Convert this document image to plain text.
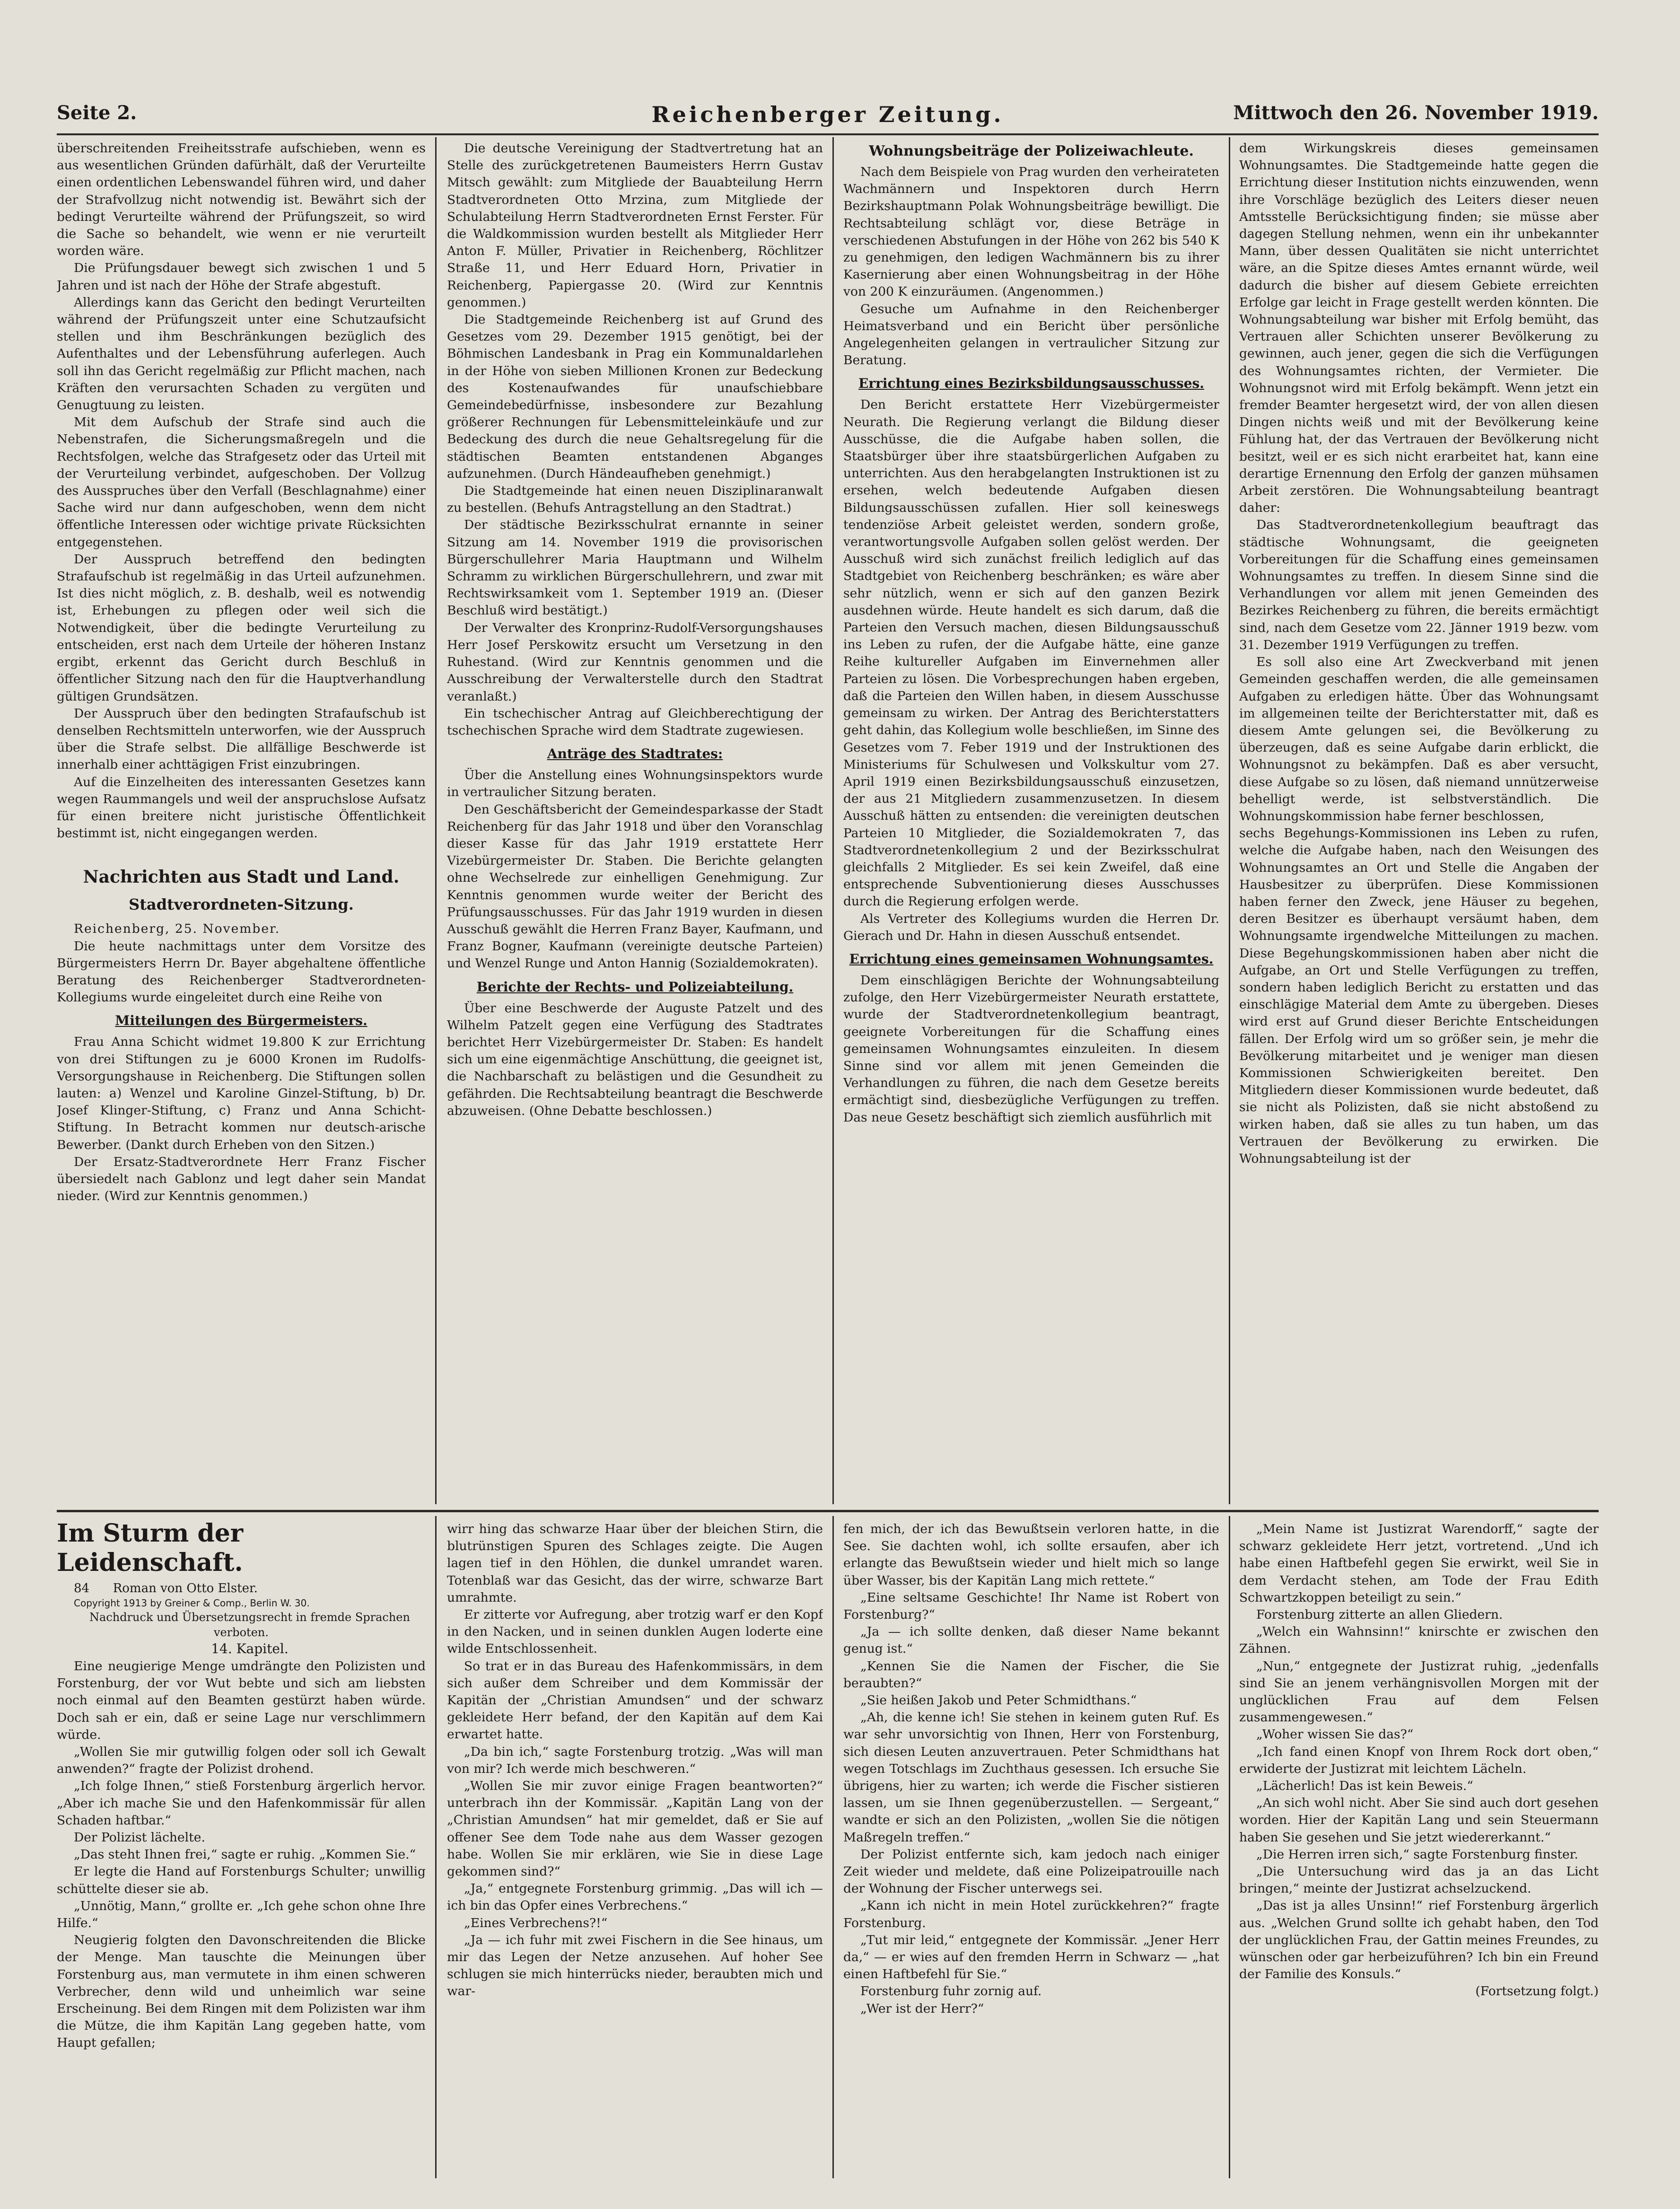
Seite 2.	Reichenberger Zeitung.	Mittwoch den 26. November 1919.

überschreitenden Freiheitsstrafe aufschieben, wenn es aus wesentlichen Gründen dafürhält, daß der Verurteilte einen ordentlichen Lebenswandel führen wird, und daher der Strafvollzug nicht notwendig ist. Bewährt sich der bedingt Verurteilte während der Prüfungszeit, so wird die Sache so behandelt, wie wenn er nie verurteilt worden wäre.

Die Prüfungsdauer bewegt sich zwischen 1 und 5 Jahren und ist nach der Höhe der Strafe abgestuft.

Allerdings kann das Gericht den bedingt Verurteilten während der Prüfungszeit unter eine Schutzaufsicht stellen und ihm Beschränkungen bezüglich des Aufenthaltes und der Lebensführung auferlegen. Auch soll ihn das Gericht regelmäßig zur Pflicht machen, nach Kräften den verursachten Schaden zu vergüten und Genugtuung zu leisten.

Mit dem Aufschub der Strafe sind auch die Nebenstrafen, die Sicherungsmaßregeln und die Rechtsfolgen, welche das Strafgesetz oder das Urteil mit der Verurteilung verbindet, aufgeschoben. Der Vollzug des Ausspruches über den Verfall (Beschlagnahme) einer Sache wird nur dann aufgeschoben, wenn dem nicht öffentliche Interessen oder wichtige private Rücksichten entgegenstehen.

Der Ausspruch betreffend den bedingten Strafaufschub ist regelmäßig in das Urteil aufzunehmen. Ist dies nicht möglich, z. B. deshalb, weil es notwendig ist, Erhebungen zu pflegen oder weil sich die Notwendigkeit, über die bedingte Verurteilung zu entscheiden, erst nach dem Urteile der höheren Instanz ergibt, erkennt das Gericht durch Beschluß in öffentlicher Sitzung nach den für die Hauptverhandlung gültigen Grundsätzen.

Der Ausspruch über den bedingten Strafaufschub ist denselben Rechtsmitteln unterworfen, wie der Ausspruch über die Strafe selbst. Die allfällige Beschwerde ist innerhalb einer achttägigen Frist einzubringen.

Auf die Einzelheiten des interessanten Gesetzes kann wegen Raummangels und weil der anspruchslose Aufsatz für einen breitere nicht juristische Öffentlichkeit bestimmt ist, nicht eingegangen werden.

Nachrichten aus Stadt und Land.
Stadtverordneten-Sitzung.

Reichenberg, 25. November.

Die heute nachmittags unter dem Vorsitze des Bürgermeisters Herrn Dr. Bayer abgehaltene öffentliche Beratung des Reichenberger Stadtverordneten-Kollegiums wurde eingeleitet durch eine Reihe von

Mitteilungen des Bürgermeisters.

Frau Anna Schicht widmet 19.800 K zur Errichtung von drei Stiftungen zu je 6000 Kronen im Rudolfs-Versorgungshause in Reichenberg. Die Stiftungen sollen lauten: a) Wenzel und Karoline Ginzel-Stiftung, b) Dr. Josef Klinger-Stiftung, c) Franz und Anna Schicht-Stiftung. In Betracht kommen nur deutsch-arische Bewerber. (Dankt durch Erheben von den Sitzen.)

Der Ersatz-Stadtverordnete Herr Franz Fischer übersiedelt nach Gablonz und legt daher sein Mandat nieder. (Wird zur Kenntnis genommen.)

Die deutsche Vereinigung der Stadtvertretung hat an Stelle des zurückgetretenen Baumeisters Herrn Gustav Mitsch gewählt: zum Mitgliede der Bauabteilung Herrn Stadtverordneten Otto Mrzina, zum Mitgliede der Schulabteilung Herrn Stadtverordneten Ernst Ferster. Für die Waldkommission wurden bestellt als Mitglieder Herr Anton F. Müller, Privatier in Reichenberg, Röchlitzer Straße 11, und Herr Eduard Horn, Privatier in Reichenberg, Papiergasse 20. (Wird zur Kenntnis genommen.)

Die Stadtgemeinde Reichenberg ist auf Grund des Gesetzes vom 29. Dezember 1915 genötigt, bei der Böhmischen Landesbank in Prag ein Kommunaldarlehen in der Höhe von sieben Millionen Kronen zur Bedeckung des Kostenaufwandes für unaufschiebbare Gemeindebedürfnisse, insbesondere zur Bezahlung größerer Rechnungen für Lebensmitteleinkäufe und zur Bedeckung des durch die neue Gehaltsregelung für die städtischen Beamten entstandenen Abganges aufzunehmen. (Durch Händeaufheben genehmigt.)

Die Stadtgemeinde hat einen neuen Disziplinaranwalt zu bestellen. (Behufs Antragstellung an den Stadtrat.)

Der städtische Bezirksschulrat ernannte in seiner Sitzung am 14. November 1919 die provisorischen Bürgerschullehrer Maria Hauptmann und Wilhelm Schramm zu wirklichen Bürgerschullehrern, und zwar mit Rechtswirksamkeit vom 1. September 1919 an. (Dieser Beschluß wird bestätigt.)

Der Verwalter des Kronprinz-Rudolf-Versorgungshauses Herr Josef Perskowitz ersucht um Versetzung in den Ruhestand. (Wird zur Kenntnis genommen und die Ausschreibung der Verwalterstelle durch den Stadtrat veranlaßt.)

Ein tschechischer Antrag auf Gleichberechtigung der tschechischen Sprache wird dem Stadtrate zugewiesen.

Anträge des Stadtrates:

Über die Anstellung eines Wohnungsinspektors wurde in vertraulicher Sitzung beraten.

Den Geschäftsbericht der Gemeindesparkasse der Stadt Reichenberg für das Jahr 1918 und über den Voranschlag dieser Kasse für das Jahr 1919 erstattete Herr Vizebürgermeister Dr. Staben. Die Berichte gelangten ohne Wechselrede zur einhelligen Genehmigung. Zur Kenntnis genommen wurde weiter der Bericht des Prüfungsausschusses. Für das Jahr 1919 wurden in diesen Ausschuß gewählt die Herren Franz Bayer, Kaufmann, und Franz Bogner, Kaufmann (vereinigte deutsche Parteien) und Wenzel Runge und Anton Hannig (Sozialdemokraten).

Berichte der Rechts- und Polizeiabteilung.

Über eine Beschwerde der Auguste Patzelt und des Wilhelm Patzelt gegen eine Verfügung des Stadtrates berichtet Herr Vizebürgermeister Dr. Staben: Es handelt sich um eine eigenmächtige Anschüttung, die geeignet ist, die Nachbarschaft zu belästigen und die Gesundheit zu gefährden. Die Rechtsabteilung beantragt die Beschwerde abzuweisen. (Ohne Debatte beschlossen.)

Wohnungsbeiträge der Polizeiwachleute.

Nach dem Beispiele von Prag wurden den verheirateten Wachmännern und Inspektoren durch Herrn Bezirkshauptmann Polak Wohnungsbeiträge bewilligt. Die Rechtsabteilung schlägt vor, diese Beträge in verschiedenen Abstufungen in der Höhe von 262 bis 540 K zu genehmigen, den ledigen Wachmännern bis zu ihrer Kasernierung aber einen Wohnungsbeitrag in der Höhe von 200 K einzuräumen. (Angenommen.)

Gesuche um Aufnahme in den Reichenberger Heimatsverband und ein Bericht über persönliche Angelegenheiten gelangen in vertraulicher Sitzung zur Beratung.

Errichtung eines Bezirksbildungsausschusses.

Den Bericht erstattete Herr Vizebürgermeister Neurath. Die Regierung verlangt die Bildung dieser Ausschüsse, die die Aufgabe haben sollen, die Staatsbürger über ihre staatsbürgerlichen Aufgaben zu unterrichten. Aus den herabgelangten Instruktionen ist zu ersehen, welch bedeutende Aufgaben diesen Bildungsausschüssen zufallen. Hier soll keineswegs tendenziöse Arbeit geleistet werden, sondern große, verantwortungsvolle Aufgaben sollen gelöst werden. Der Ausschuß wird sich zunächst freilich lediglich auf das Stadtgebiet von Reichenberg beschränken; es wäre aber sehr nützlich, wenn er sich auf den ganzen Bezirk ausdehnen würde. Heute handelt es sich darum, daß die Parteien den Versuch machen, diesen Bildungsausschuß ins Leben zu rufen, der die Aufgabe hätte, eine ganze Reihe kultureller Aufgaben im Einvernehmen aller Parteien zu lösen. Die Vorbesprechungen haben ergeben, daß die Parteien den Willen haben, in diesem Ausschusse gemeinsam zu wirken. Der Antrag des Berichterstatters geht dahin, das Kollegium wolle beschließen, im Sinne des Gesetzes vom 7. Feber 1919 und der Instruktionen des Ministeriums für Schulwesen und Volkskultur vom 27. April 1919 einen Bezirksbildungsausschuß einzusetzen, der aus 21 Mitgliedern zusammenzusetzen. In diesem Ausschuß hätten zu entsenden: die vereinigten deutschen Parteien 10 Mitglieder, die Sozialdemokraten 7, das Stadtverordnetenkollegium 2 und der Bezirksschulrat gleichfalls 2 Mitglieder. Es sei kein Zweifel, daß eine entsprechende Subventionierung dieses Ausschusses durch die Regierung erfolgen werde.

Als Vertreter des Kollegiums wurden die Herren Dr. Gierach und Dr. Hahn in diesen Ausschuß entsendet.

Errichtung eines gemeinsamen Wohnungsamtes.

Dem einschlägigen Berichte der Wohnungsabteilung zufolge, den Herr Vizebürgermeister Neurath erstattete, wurde der Stadtverordnetenkollegium beantragt, geeignete Vorbereitungen für die Schaffung eines gemeinsamen Wohnungsamtes einzuleiten. In diesem Sinne sind vor allem mit jenen Gemeinden die Verhandlungen zu führen, die nach dem Gesetze bereits ermächtigt sind, diesbezügliche Verfügungen zu treffen. Das neue Gesetz beschäftigt sich ziemlich ausführlich mit

dem Wirkungskreis dieses gemeinsamen Wohnungsamtes. Die Stadtgemeinde hatte gegen die Errichtung dieser Institution nichts einzuwenden, wenn ihre Vorschläge bezüglich des Leiters dieser neuen Amtsstelle Berücksichtigung finden; sie müsse aber dagegen Stellung nehmen, wenn ein ihr unbekannter Mann, über dessen Qualitäten sie nicht unterrichtet wäre, an die Spitze dieses Amtes ernannt würde, weil dadurch die bisher auf diesem Gebiete erreichten Erfolge gar leicht in Frage gestellt werden könnten. Die Wohnungsabteilung war bisher mit Erfolg bemüht, das Vertrauen aller Schichten unserer Bevölkerung zu gewinnen, auch jener, gegen die sich die Verfügungen des Wohnungsamtes richten, der Vermieter. Die Wohnungsnot wird mit Erfolg bekämpft. Wenn jetzt ein fremder Beamter hergesetzt wird, der von allen diesen Dingen nichts weiß und mit der Bevölkerung keine Fühlung hat, der das Vertrauen der Bevölkerung nicht besitzt, weil er es sich nicht erarbeitet hat, kann eine derartige Ernennung den Erfolg der ganzen mühsamen Arbeit zerstören. Die Wohnungsabteilung beantragt daher:

Das Stadtverordnetenkollegium beauftragt das städtische Wohnungsamt, die geeigneten Vorbereitungen für die Schaffung eines gemeinsamen Wohnungsamtes zu treffen. In diesem Sinne sind die Verhandlungen vor allem mit jenen Gemeinden des Bezirkes Reichenberg zu führen, die bereits ermächtigt sind, nach dem Gesetze vom 22. Jänner 1919 bezw. vom 31. Dezember 1919 Verfügungen zu treffen.

Es soll also eine Art Zweckverband mit jenen Gemeinden geschaffen werden, die alle gemeinsamen Aufgaben zu erledigen hätte. Über das Wohnungsamt im allgemeinen teilte der Berichterstatter mit, daß es diesem Amte gelungen sei, die Bevölkerung zu überzeugen, daß es seine Aufgabe darin erblickt, die Wohnungsnot zu bekämpfen. Daß es aber versucht, diese Aufgabe so zu lösen, daß niemand unnützerweise behelligt werde, ist selbstverständlich. Die Wohnungskommission habe ferner beschlossen,

sechs Begehungs-Kommissionen ins Leben zu rufen, welche die Aufgabe haben, nach den Weisungen des Wohnungsamtes an Ort und Stelle die Angaben der Hausbesitzer zu überprüfen. Diese Kommissionen haben ferner den Zweck, jene Häuser zu begehen, deren Besitzer es überhaupt versäumt haben, dem Wohnungsamte irgendwelche Mitteilungen zu machen. Diese Begehungskommissionen haben aber nicht die Aufgabe, an Ort und Stelle Verfügungen zu treffen, sondern haben lediglich Bericht zu erstatten und das einschlägige Material dem Amte zu übergeben. Dieses wird erst auf Grund dieser Berichte Entscheidungen fällen. Der Erfolg wird um so größer sein, je mehr die Bevölkerung mitarbeitet und je weniger man diesen Kommissionen Schwierigkeiten bereitet. Den Mitgliedern dieser Kommissionen wurde bedeutet, daß sie nicht als Polizisten, daß sie nicht abstoßend zu wirken haben, daß sie alles zu tun haben, um das Vertrauen der Bevölkerung zu erwirken. Die Wohnungsabteilung ist der

Im Sturm der Leidenschaft.

84 Roman von Otto Elster.

Copyright 1913 by Greiner & Comp., Berlin W. 30.

Nachdruck und Übersetzungsrecht in fremde Sprachen verboten.

14. Kapitel.

Eine neugierige Menge umdrängte den Polizisten und Forstenburg, der vor Wut bebte und sich am liebsten noch einmal auf den Beamten gestürzt haben würde. Doch sah er ein, daß er seine Lage nur verschlimmern würde.

„Wollen Sie mir gutwillig folgen oder soll ich Gewalt anwenden?“ fragte der Polizist drohend.

„Ich folge Ihnen,“ stieß Forstenburg ärgerlich hervor. „Aber ich mache Sie und den Hafenkommissär für allen Schaden haftbar.“

Der Polizist lächelte.

„Das steht Ihnen frei,“ sagte er ruhig. „Kommen Sie.“

Er legte die Hand auf Forstenburgs Schulter; unwillig schüttelte dieser sie ab.

„Unnötig, Mann,“ grollte er. „Ich gehe schon ohne Ihre Hilfe.“

Neugierig folgten den Davonschreitenden die Blicke der Menge. Man tauschte die Meinungen über Forstenburg aus, man vermutete in ihm einen schweren Verbrecher, denn wild und unheimlich war seine Erscheinung. Bei dem Ringen mit dem Polizisten war ihm die Mütze, die ihm Kapitän Lang gegeben hatte, vom Haupt gefallen;

wirr hing das schwarze Haar über der bleichen Stirn, die blutrünstigen Spuren des Schlages zeigte. Die Augen lagen tief in den Höhlen, die dunkel umrandet waren. Totenblaß war das Gesicht, das der wirre, schwarze Bart umrahmte.

Er zitterte vor Aufregung, aber trotzig warf er den Kopf in den Nacken, und in seinen dunklen Augen loderte eine wilde Entschlossenheit.

So trat er in das Bureau des Hafenkommissärs, in dem sich außer dem Schreiber und dem Kommissär der Kapitän der „Christian Amundsen“ und der schwarz gekleidete Herr befand, der den Kapitän auf dem Kai erwartet hatte.

„Da bin ich,“ sagte Forstenburg trotzig. „Was will man von mir? Ich werde mich beschweren.“

„Wollen Sie mir zuvor einige Fragen beantworten?“ unterbrach ihn der Kommissär. „Kapitän Lang von der „Christian Amundsen“ hat mir gemeldet, daß er Sie auf offener See dem Tode nahe aus dem Wasser gezogen habe. Wollen Sie mir erklären, wie Sie in diese Lage gekommen sind?“

„Ja,“ entgegnete Forstenburg grimmig. „Das will ich — ich bin das Opfer eines Verbrechens.“

„Eines Verbrechens?!“

„Ja — ich fuhr mit zwei Fischern in die See hinaus, um mir das Legen der Netze anzusehen. Auf hoher See schlugen sie mich hinterrücks nieder, beraubten mich und war-

fen mich, der ich das Bewußtsein verloren hatte, in die See. Sie dachten wohl, ich sollte ersaufen, aber ich erlangte das Bewußtsein wieder und hielt mich so lange über Wasser, bis der Kapitän Lang mich rettete.“

„Eine seltsame Geschichte! Ihr Name ist Robert von Forstenburg?“

„Ja — ich sollte denken, daß dieser Name bekannt genug ist.“

„Kennen Sie die Namen der Fischer, die Sie beraubten?“

„Sie heißen Jakob und Peter Schmidthans.“

„Ah, die kenne ich! Sie stehen in keinem guten Ruf. Es war sehr unvorsichtig von Ihnen, Herr von Forstenburg, sich diesen Leuten anzuvertrauen. Peter Schmidthans hat wegen Totschlags im Zuchthaus gesessen. Ich ersuche Sie übrigens, hier zu warten; ich werde die Fischer sistieren lassen, um sie Ihnen gegenüberzustellen. — Sergeant,“ wandte er sich an den Polizisten, „wollen Sie die nötigen Maßregeln treffen.“

Der Polizist entfernte sich, kam jedoch nach einiger Zeit wieder und meldete, daß eine Polizeipatrouille nach der Wohnung der Fischer unterwegs sei.

„Kann ich nicht in mein Hotel zurückkehren?“ fragte Forstenburg.

„Tut mir leid,“ entgegnete der Kommissär. „Jener Herr da,“ — er wies auf den fremden Herrn in Schwarz — „hat einen Haftbefehl für Sie.“

Forstenburg fuhr zornig auf.

„Wer ist der Herr?“

„Mein Name ist Justizrat Warendorff,“ sagte der schwarz gekleidete Herr jetzt, vortretend. „Und ich habe einen Haftbefehl gegen Sie erwirkt, weil Sie in dem Verdacht stehen, am Tode der Frau Edith Schwartzkoppen beteiligt zu sein.“

Forstenburg zitterte an allen Gliedern.

„Welch ein Wahnsinn!“ knirschte er zwischen den Zähnen.

„Nun,“ entgegnete der Justizrat ruhig, „jedenfalls sind Sie an jenem verhängnisvollen Morgen mit der unglücklichen Frau auf dem Felsen zusammengewesen.“

„Woher wissen Sie das?“

„Ich fand einen Knopf von Ihrem Rock dort oben,“ erwiderte der Justizrat mit leichtem Lächeln.

„Lächerlich! Das ist kein Beweis.“

„An sich wohl nicht. Aber Sie sind auch dort gesehen worden. Hier der Kapitän Lang und sein Steuermann haben Sie gesehen und Sie jetzt wiedererkannt.“

„Die Herren irren sich,“ sagte Forstenburg finster.

„Die Untersuchung wird das ja an das Licht bringen,“ meinte der Justizrat achselzuckend.

„Das ist ja alles Unsinn!“ rief Forstenburg ärgerlich aus. „Welchen Grund sollte ich gehabt haben, den Tod der unglücklichen Frau, der Gattin meines Freundes, zu wünschen oder gar herbeizuführen? Ich bin ein Freund der Familie des Konsuls.“

(Fortsetzung folgt.)
